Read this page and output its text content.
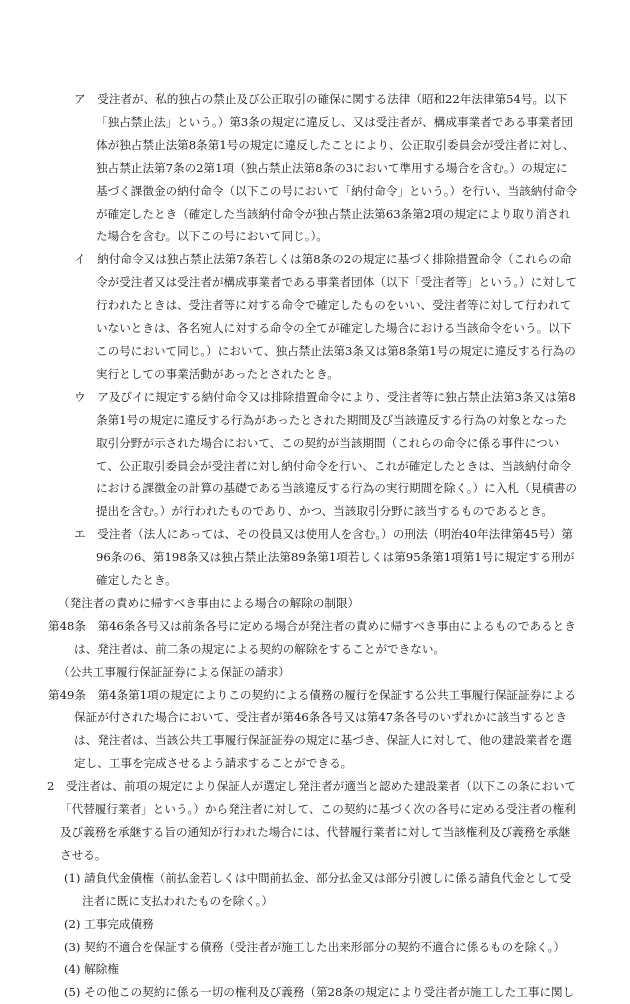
ア　 受注者が、私的独占の禁止及び公正取引の確保に関する法律（昭和22年法律第54号。以下「独占禁止法」という。）第3条の規定に違反し、又は受注者が、構成事業者である事業者団体が独占禁止法第8条第1号の規定に違反したことにより、公正取引委員会が受注者に対し、独占禁止法第7条の2第1項（独占禁止法第8条の3において準用する場合を含む。）の規定に基づく課徴金の納付命令（以下この号において「納付命令」という。）を行い、当該納付命令が確定したとき（確定した当該納付命令が独占禁止法第63条第2項の規定により取り消された場合を含む。以下この号において同じ。）。

イ　 納付命令又は独占禁止法第7条若しくは第8条の2の規定に基づく排除措置命令（これらの命令が受注者又は受注者が構成事業者である事業者団体（以下「受注者等」という。）に対して行われたときは、受注者等に対する命令で確定したものをいい、受注者等に対して行われていないときは、各名宛人に対する命令の全てが確定した場合における当該命令をいう。以下この号において同じ。）において、独占禁止法第3条又は第8条第1号の規定に違反する行為の実行としての事業活動があったとされたとき。

ウ　 ア及びイに規定する納付命令又は排除措置命令により、受注者等に独占禁止法第3条又は第8条第1号の規定に違反する行為があったとされた期間及び当該違反する行為の対象となった取引分野が示された場合において、この契約が当該期間（これらの命令に係る事件について、公正取引委員会が受注者に対し納付命令を行い、これが確定したときは、当該納付命令における課徴金の計算の基礎である当該違反する行為の実行期間を除く。）に入札（見積書の提出を含む。）が行われたものであり、かつ、当該取引分野に該当するものであるとき。

エ　 受注者（法人にあっては、その役員又は使用人を含む。）の刑法（明治40年法律第45号）第96条の6、第198条又は独占禁止法第89条第1項若しくは第95条第1項第1号に規定する刑が確定したとき。

（発注者の責めに帰すべき事由による場合の解除の制限）

第48条　 第46条各号又は前条各号に定める場合が発注者の責めに帰すべき事由によるものであるときは、発注者は、前二条の規定による契約の解除をすることができない。

（公共工事履行保証証券による保証の請求）

第49条　 第4条第1項の規定によりこの契約による債務の履行を保証する公共工事履行保証証券による保証が付された場合において、受注者が第46条各号又は第47条各号のいずれかに該当するときは、発注者は、当該公共工事履行保証証券の規定に基づき、保証人に対して、他の建設業者を選定し、工事を完成させるよう請求することができる。

2　 受注者は、前項の規定により保証人が選定し発注者が適当と認めた建設業者（以下この条において「代替履行業者」という。）から発注者に対して、この契約に基づく次の各号に定める受注者の権利及び義務を承継する旨の通知が行われた場合には、代替履行業者に対して当該権利及び義務を承継させる。

(1) 請負代金債権（前払金若しくは中間前払金、部分払金又は部分引渡しに係る請負代金として受注者に既に支払われたものを除く。）

(2) 工事完成債務

(3) 契約不適合を保証する債務（受注者が施工した出来形部分の契約不適合に係るものを除く。）

(4) 解除権

(5) その他この契約に係る一切の権利及び義務（第28条の規定により受注者が施工した工事に関し
